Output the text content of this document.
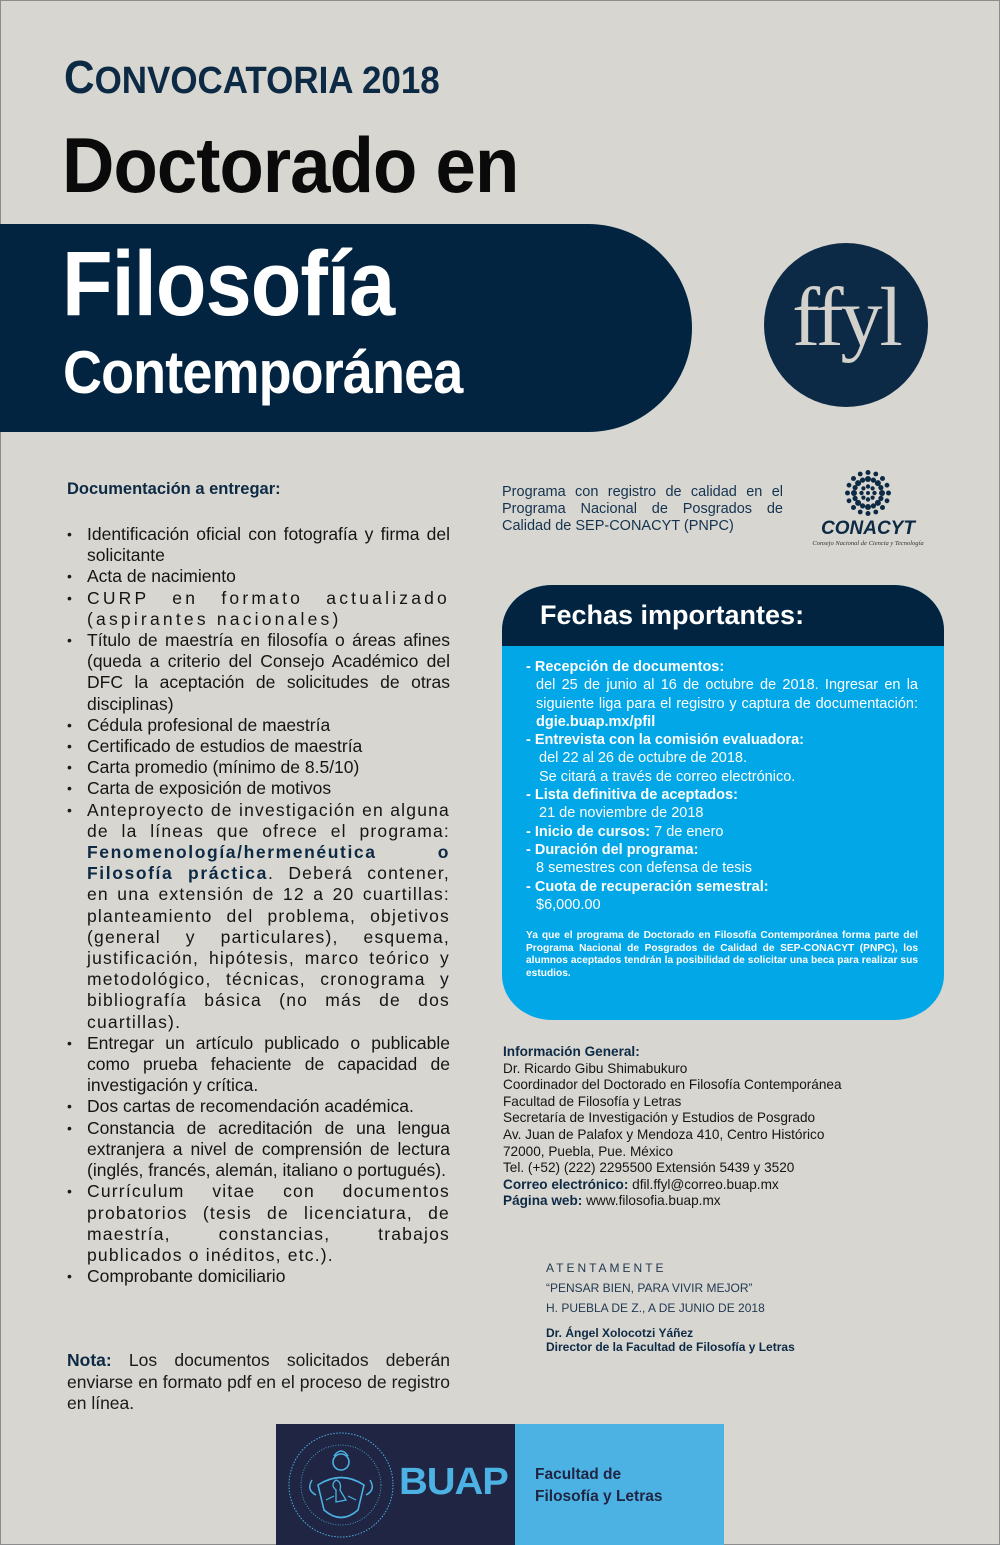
CONVOCATORIA 2018
Doctorado en
Filosofía
Contemporánea
ffyl
Documentación a entregar:
• Identificación oficial con fotografía y firma del solicitante
• Acta de nacimiento
• CURP en formato actualizado (aspirantes nacionales)
• Título de maestría en filosofía o áreas afines (queda a criterio del Consejo Académico del DFC la aceptación de solicitudes de otras disciplinas)
• Cédula profesional de maestría
• Certificado de estudios de maestría
• Carta promedio (mínimo de 8.5/10)
• Carta de exposición de motivos
• Anteproyecto de investigación en alguna de la líneas que ofrece el programa: Fenomenología/hermenéutica o Filosofía práctica. Deberá contener, en una extensión de 12 a 20 cuartillas: planteamiento del problema, objetivos (general y particulares), esquema, justificación, hipótesis, marco teórico y metodológico, técnicas, cronograma y bibliografía básica (no más de dos cuartillas).
• Entregar un artículo publicado o publicable como prueba fehaciente de capacidad de investigación y crítica.
• Dos cartas de recomendación académica.
• Constancia de acreditación de una lengua extranjera a nivel de comprensión de lectura (inglés, francés, alemán, italiano o portugués).
• Currículum vitae con documentos probatorios (tesis de licenciatura, de maestría, constancias, trabajos publicados o inéditos, etc.).
• Comprobante domiciliario
Nota: Los documentos solicitados deberán enviarse en formato pdf en el proceso de registro en línea.
Programa con registro de calidad en el Programa Nacional de Posgrados de Calidad de SEP-CONACYT (PNPC)	CONACYT
Consejo Nacional de Ciencia y Tecnología
Fechas importantes:
- Recepción de documentos:
del 25 de junio al 16 de octubre de 2018. Ingresar en la siguiente liga para el registro y captura de documentación: dgie.buap.mx/pfil
- Entrevista con la comisión evaluadora:
del 22 al 26 de octubre de 2018.
Se citará a través de correo electrónico.
- Lista definitiva de aceptados:
21 de noviembre de 2018
- Inicio de cursos: 7 de enero
- Duración del programa:
8 semestres con defensa de tesis
- Cuota de recuperación semestral:
$6,000.00
Ya que el programa de Doctorado en Filosofía Contemporánea forma parte del Programa Nacional de Posgrados de Calidad de SEP-CONACYT (PNPC), los alumnos aceptados tendrán la posibilidad de solicitar una beca para realizar sus estudios.
Información General:
Dr. Ricardo Gibu Shimabukuro
Coordinador del Doctorado en Filosofía Contemporánea
Facultad de Filosofía y Letras
Secretaría de Investigación y Estudios de Posgrado
Av. Juan de Palafox y Mendoza 410, Centro Histórico
72000, Puebla, Pue. México
Tel. (+52) (222) 2295500 Extensión 5439 y 3520
Correo electrónico: dfil.ffyl@correo.buap.mx
Página web: www.filosofia.buap.mx
ATENTAMENTE
“PENSAR BIEN, PARA VIVIR MEJOR”
H. PUEBLA DE Z., A DE JUNIO DE 2018
Dr. Ángel Xolocotzi Yáñez
Director de la Facultad de Filosofía y Letras
BUAP Facultad de
Filosofía y Letras
